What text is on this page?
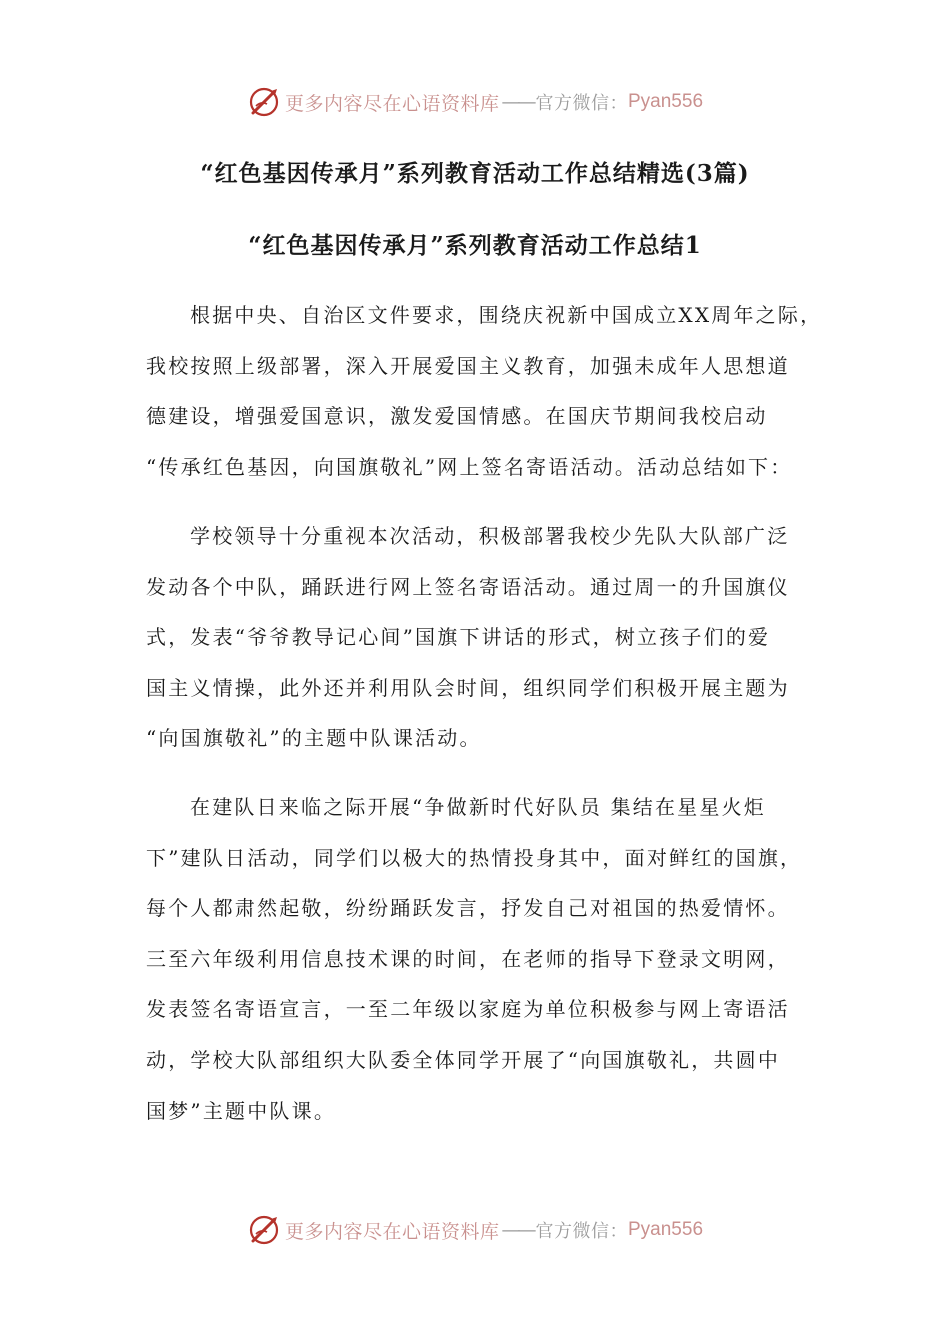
更多内容尽在心语资料库 —— 官方微信： Pyan556
“红色基因传承月”系列教育活动工作总结精选(3篇)
“红色基因传承月”系列教育活动工作总结1
根据中央、自治区文件要求，围绕庆祝新中国成立XX周年之际，
我校按照上级部署，深入开展爱国主义教育，加强未成年人思想道
德建设，增强爱国意识，激发爱国情感。在国庆节期间我校启动
“传承红色基因，向国旗敬礼”网上签名寄语活动。活动总结如下：
学校领导十分重视本次活动，积极部署我校少先队大队部广泛
发动各个中队，踊跃进行网上签名寄语活动。通过周一的升国旗仪
式，发表“爷爷教导记心间”国旗下讲话的形式，树立孩子们的爱
国主义情操，此外还并利用队会时间，组织同学们积极开展主题为
“向国旗敬礼”的主题中队课活动。
在建队日来临之际开展“争做新时代好队员 集结在星星火炬
下”建队日活动，同学们以极大的热情投身其中，面对鲜红的国旗，
每个人都肃然起敬，纷纷踊跃发言，抒发自己对祖国的热爱情怀。
三至六年级利用信息技术课的时间，在老师的指导下登录文明网，
发表签名寄语宣言，一至二年级以家庭为单位积极参与网上寄语活
动，学校大队部组织大队委全体同学开展了“向国旗敬礼，共圆中
国梦”主题中队课。
更多内容尽在心语资料库 —— 官方微信： Pyan556
